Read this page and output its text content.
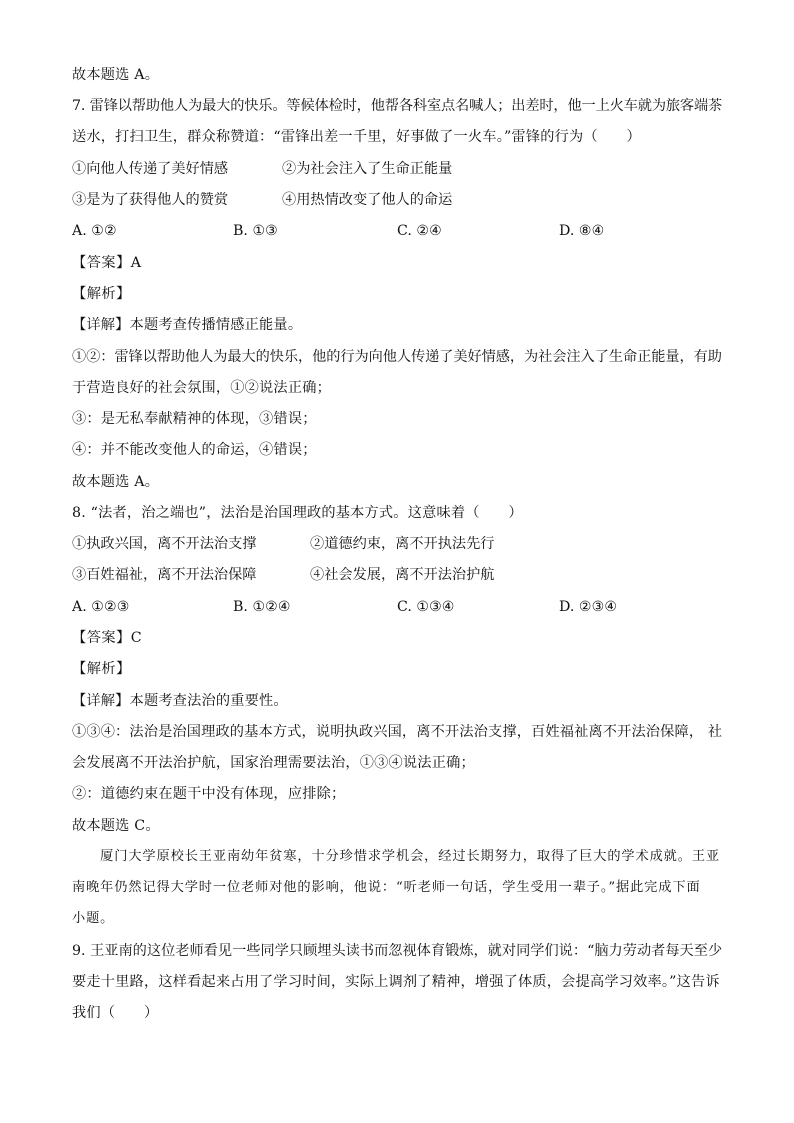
故本题选 A。
7. 雷锋以帮助他人为最大的快乐。等候体检时，他帮各科室点名喊人；出差时，他一上火车就为旅客端茶
送水，打扫卫生，群众称赞道：“雷锋出差一千里，好事做了一火车。”雷锋的行为（　　）
①向他人传递了美好情感	②为社会注入了生命正能量
③是为了获得他人的赞赏	④用热情改变了他人的命运
A. ①②	B. ①③	C. ②④	D. ⑧④
【答案】A
【解析】
【详解】本题考查传播情感正能量。
①②：雷锋以帮助他人为最大的快乐，他的行为向他人传递了美好情感，为社会注入了生命正能量，有助
于营造良好的社会氛围，①②说法正确；
③：是无私奉献精神的体现，③错误；
④：并不能改变他人的命运，④错误；
故本题选 A。
8. “法者，治之端也”，法治是治国理政的基本方式。这意味着（　　）
①执政兴国，离不开法治支撑	②道德约束，离不开执法先行
③百姓福祉，离不开法治保障	④社会发展，离不开法治护航
A. ①②③	B. ①②④	C. ①③④	D. ②③④
【答案】C
【解析】
【详解】本题考查法治的重要性。
①③④：法治是治国理政的基本方式，说明执政兴国，离不开法治支撑，百姓福祉离不开法治保障， 社
会发展离不开法治护航，国家治理需要法治，①③④说法正确；
②：道德约束在题干中没有体现，应排除；
故本题选 C。
　　厦门大学原校长王亚南幼年贫寒，十分珍惜求学机会，经过长期努力，取得了巨大的学术成就。王亚
南晚年仍然记得大学时一位老师对他的影响，他说：“听老师一句话，学生受用一辈子。”据此完成下面
小题。
9. 王亚南的这位老师看见一些同学只顾埋头读书而忽视体育锻炼，就对同学们说：“脑力劳动者每天至少
要走十里路，这样看起来占用了学习时间，实际上调剂了精神，增强了体质，会提高学习效率。”这告诉
我们（　　）
